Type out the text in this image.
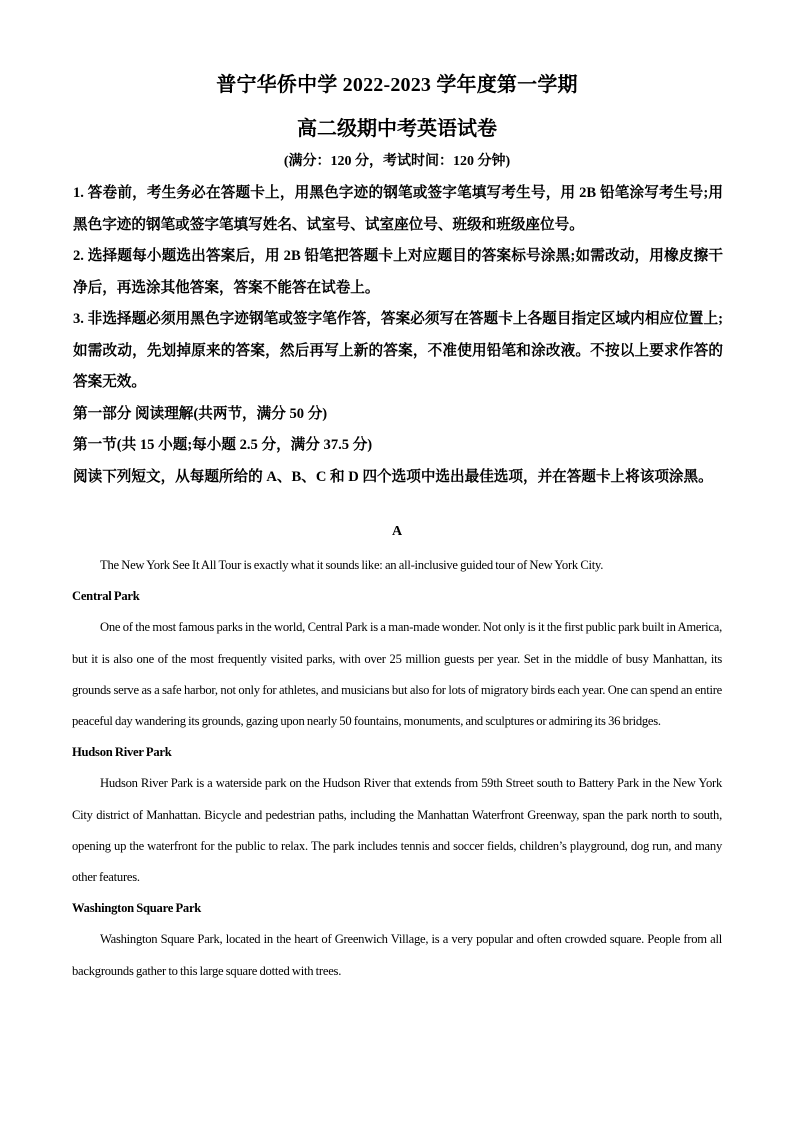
普宁华侨中学 2022-2023 学年度第一学期
高二级期中考英语试卷
(满分：120 分，考试时间：120 分钟)

1. 答卷前，考生务必在答题卡上，用黑色字迹的钢笔或签字笔填写考生号，用 2B 铅笔涂写考生号;用黑色字迹的钢笔或签字笔填写姓名、试室号、试室座位号、班级和班级座位号。

2. 选择题每小题选出答案后，用 2B 铅笔把答题卡上对应题目的答案标号涂黑;如需改动，用橡皮擦干净后，再选涂其他答案，答案不能答在试卷上。

3. 非选择题必须用黑色字迹钢笔或签字笔作答，答案必须写在答题卡上各题目指定区域内相应位置上;如需改动，先划掉原来的答案，然后再写上新的答案，不准使用铅笔和涂改液。不按以上要求作答的答案无效。

第一部分 阅读理解(共两节，满分 50 分)

第一节(共 15 小题;每小题 2.5 分，满分 37.5 分)

阅读下列短文，从每题所给的 A、B、C 和 D 四个选项中选出最佳选项，并在答题卡上将该项涂黑。

A

The New York See It All Tour is exactly what it sounds like: an all-inclusive guided tour of New York City.

Central Park

One of the most famous parks in the world, Central Park is a man-made wonder. Not only is it the first public park built in America, but it is also one of the most frequently visited parks, with over 25 million guests per year. Set in the middle of busy Manhattan, its grounds serve as a safe harbor, not only for athletes, and musicians but also for lots of migratory birds each year. One can spend an entire peaceful day wandering its grounds, gazing upon nearly 50 fountains, monuments, and sculptures or admiring its 36 bridges.

Hudson River Park

Hudson River Park is a waterside park on the Hudson River that extends from 59th Street south to Battery Park in the New York City district of Manhattan. Bicycle and pedestrian paths, including the Manhattan Waterfront Greenway, span the park north to south, opening up the waterfront for the public to relax. The park includes tennis and soccer fields, children’s playground, dog run, and many other features.

Washington Square Park

Washington Square Park, located in the heart of Greenwich Village, is a very popular and often crowded square. People from all backgrounds gather to this large square dotted with trees.
